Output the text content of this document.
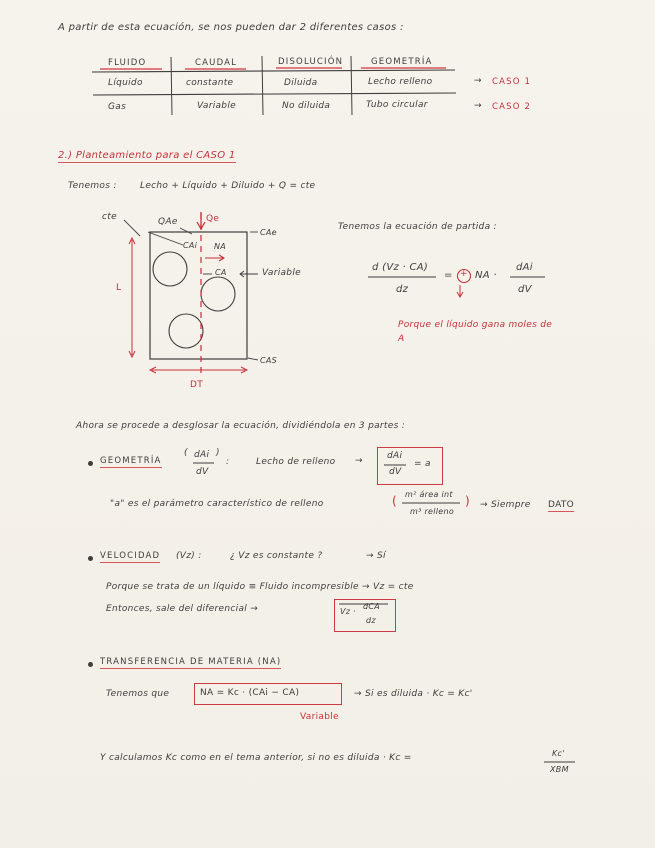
A partir de esta ecuación, se nos pueden dar 2 diferentes casos :
FLUIDO	CAUDAL	DISOLUCIÓN	GEOMETRÍA
Líquido	constante	Diluida	Lecho relleno
Gas	Variable	No diluida	Tubo circular
→ CASO 1
→ CASO 2
2.) Planteamiento para el CASO 1
Tenemos :	Lecho + Líquido + Diluido + Q = cte
cte	QAe	Qe
CAi NA
CA
CAe
Variable
L
CAS
DT
Tenemos la ecuación de partida :
d (Vz · CA)
dz
= + NA ·
dAi
dV
Porque el líquido gana moles de A
Ahora se procede a desglosar la ecuación, dividiéndola en 3 partes :
GEOMETRÍA
( dAi
dV
)
:	Lecho de relleno →	dAi
dV
= a
"a" es el parámetro característico de relleno	( m² área int
m³ relleno
) → Siempre DATO
VELOCIDAD (Vz) :	¿ Vz es constante ?	→ Sí
Porque se trata de un líquido ≡ Fluido incompresible → Vz = cte
Entonces, sale del diferencial →	Vz ·
dCA
dz
TRANSFERENCIA DE MATERIA (NA)
Tenemos que	NA = Kc · (CAi − CA)
Variable
→ Si es diluida · Kc = Kc'
Y calculamos Kc como en el tema anterior, si no es diluida · Kc =	Kc'
XBM
